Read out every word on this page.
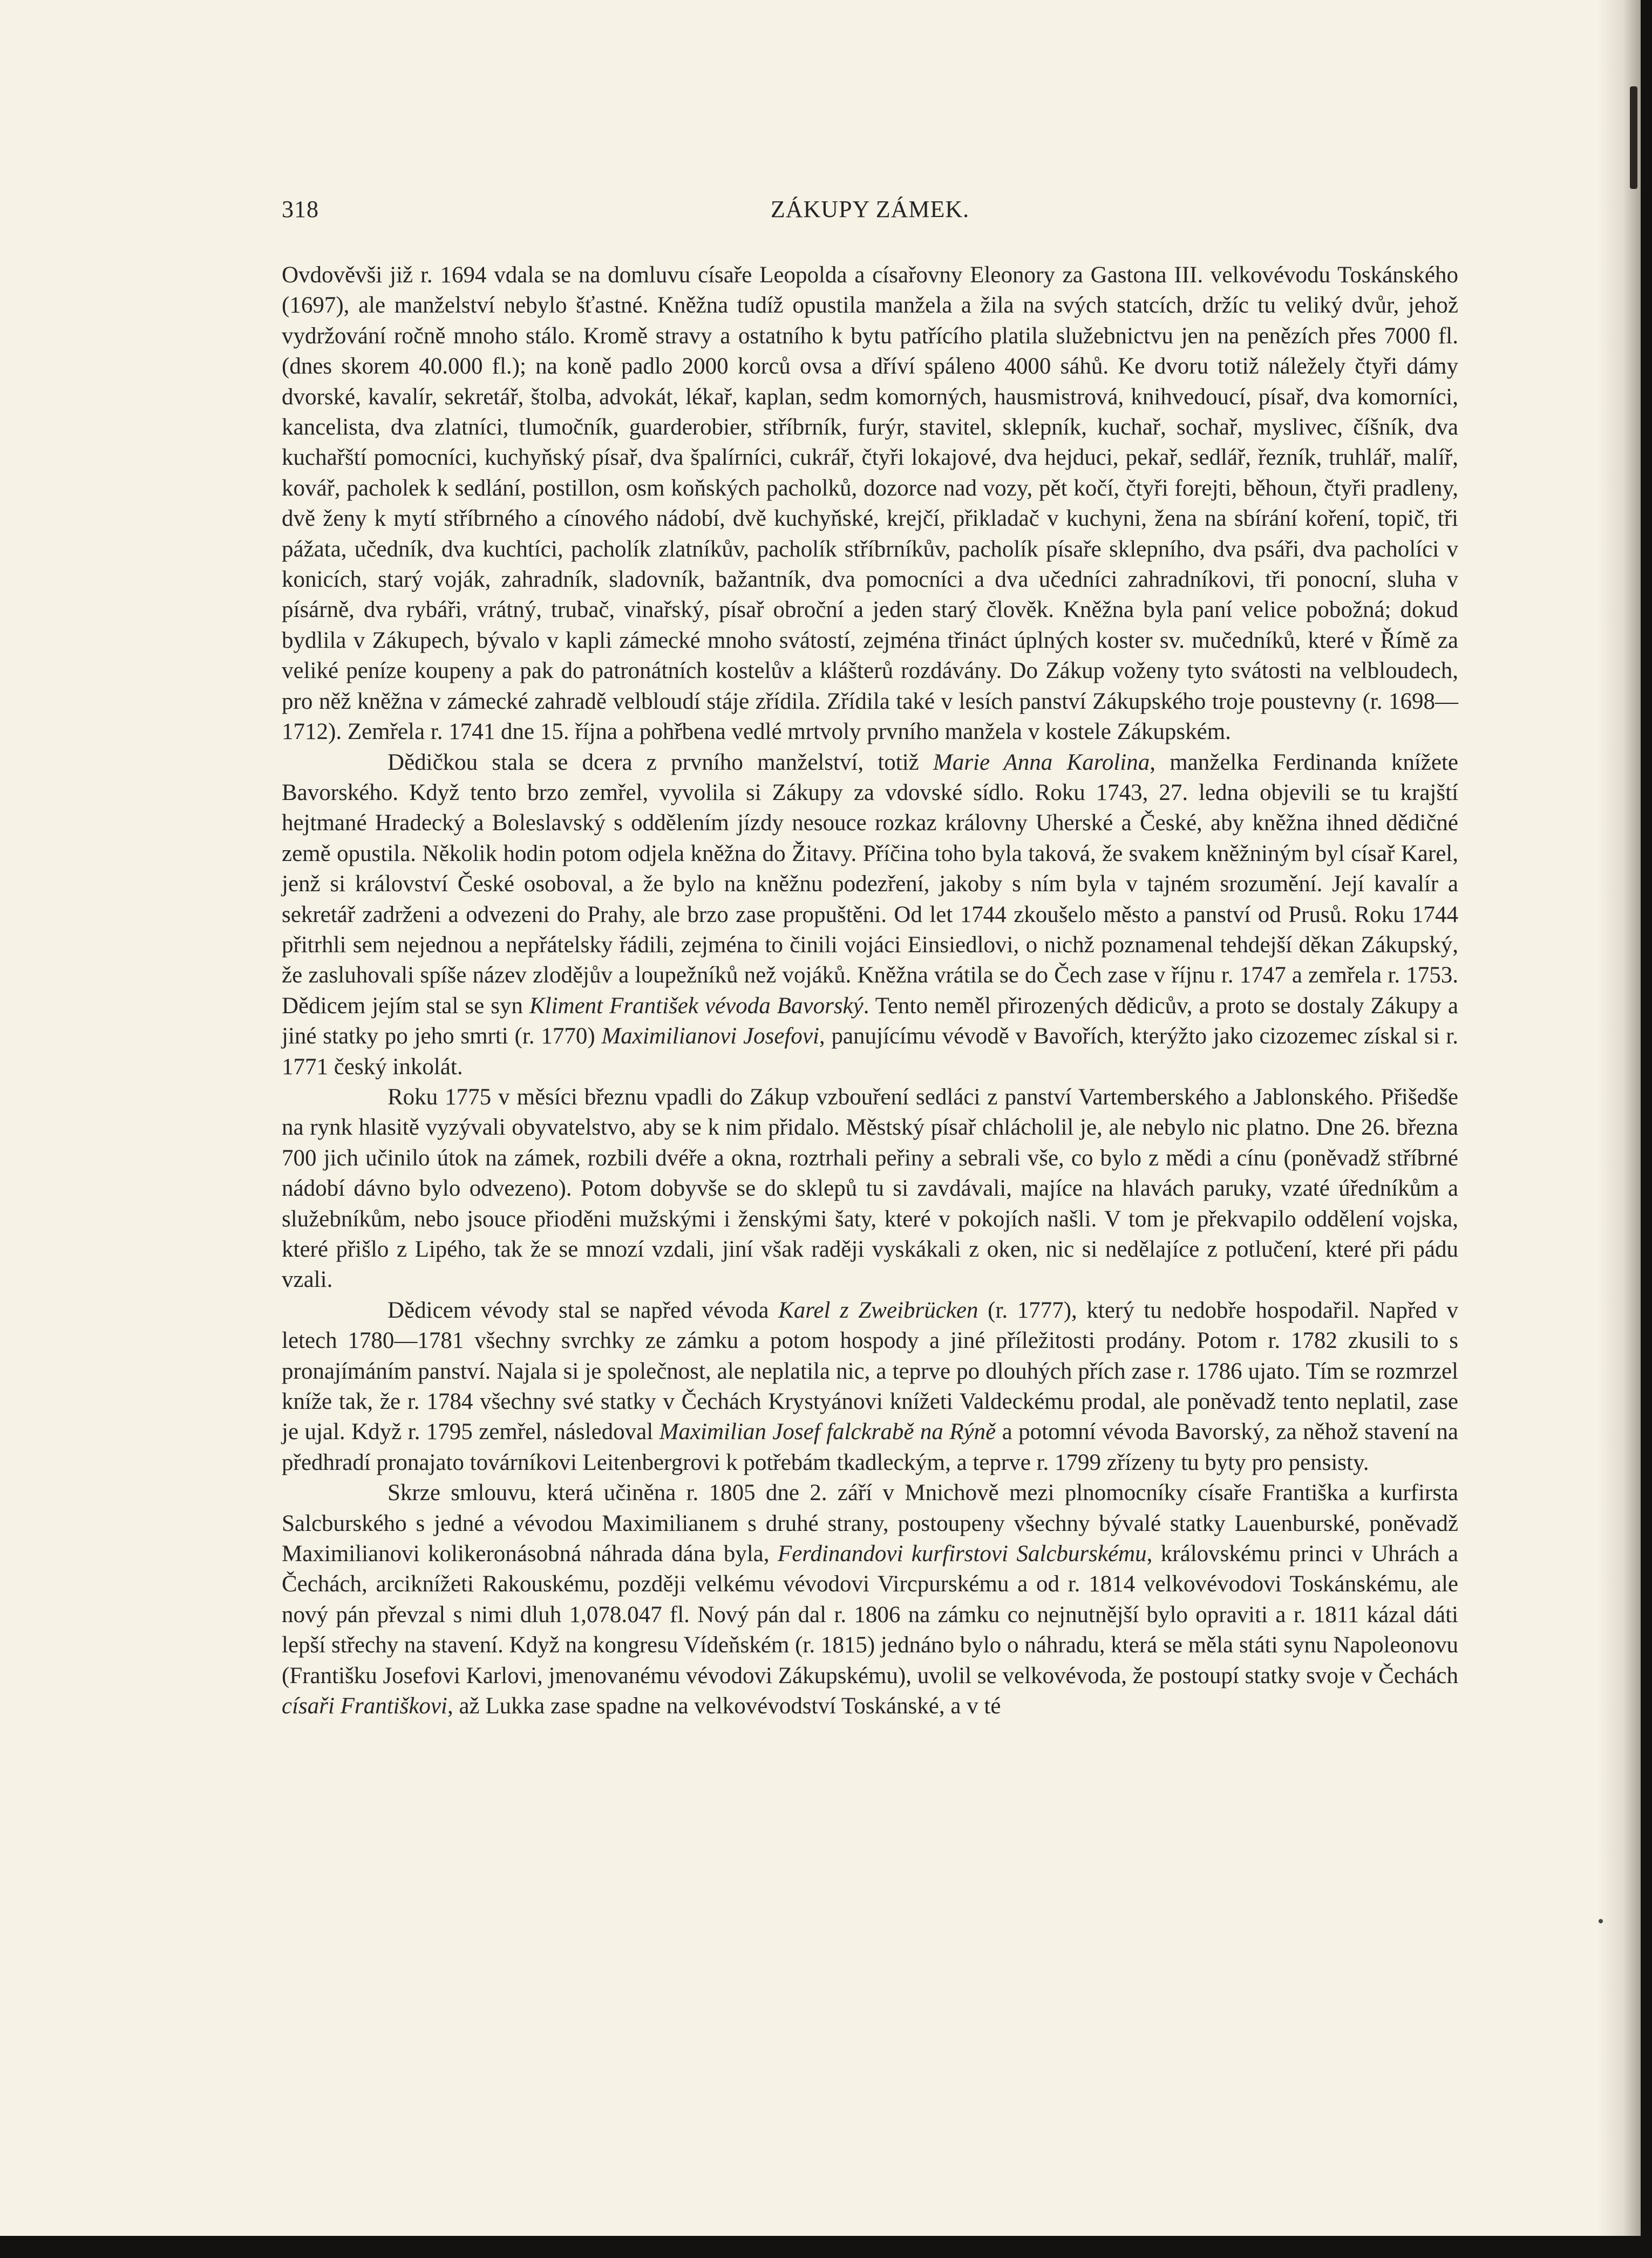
318	ZÁKUPY ZÁMEK.

Ovdověvši již r. 1694 vdala se na domluvu císaře Leopolda a císařovny Eleonory za Gastona III. velkovévodu Toskánského (1697), ale manželství nebylo šťastné. Kněžna tudíž opustila manžela a žila na svých statcích, držíc tu veliký dvůr, jehož vydržování ročně mnoho stálo. Kromě stravy a ostatního k bytu patřícího platila služebnictvu jen na penězích přes 7000 fl. (dnes skorem 40.000 fl.); na koně padlo 2000 korců ovsa a dříví spáleno 4000 sáhů. Ke dvoru totiž náležely čtyři dámy dvorské, kavalír, sekretář, štolba, advokát, lékař, kaplan, sedm komorných, hausmistrová, knihvedoucí, písař, dva komorníci, kancelista, dva zlatníci, tlumočník, guarderobier, stříbrník, furýr, stavitel, sklepník, kuchař, sochař, myslivec, číšník, dva kuchařští pomocníci, kuchyňský písař, dva špalírníci, cukrář, čtyři lokajové, dva hejduci, pekař, sedlář, řezník, truhlář, malíř, kovář, pacholek k sedlání, postillon, osm koňských pacholků, dozorce nad vozy, pět kočí, čtyři forejti, běhoun, čtyři pradleny, dvě ženy k mytí stříbrného a cínového nádobí, dvě kuchyňské, krejčí, přikladač v kuchyni, žena na sbírání koření, topič, tři pážata, učedník, dva kuchtíci, pacholík zlatníkův, pacholík stříbrníkův, pacholík písaře sklepního, dva psáři, dva pacholíci v konicích, starý voják, zahradník, sladovník, bažantník, dva pomocníci a dva učedníci zahradníkovi, tři ponocní, sluha v písárně, dva rybáři, vrátný, trubač, vinařský, písař obroční a jeden starý člověk. Kněžna byla paní velice pobožná; dokud bydlila v Zákupech, bývalo v kapli zámecké mnoho svátostí, zejména třináct úplných koster sv. mučedníků, které v Římě za veliké peníze koupeny a pak do patronátních kostelův a klášterů rozdávány. Do Zákup voženy tyto svátosti na velbloudech, pro něž kněžna v zámecké zahradě velbloudí stáje zřídila. Zřídila také v lesích panství Zákupského troje poustevny (r. 1698—1712). Zemřela r. 1741 dne 15. října a pohřbena vedlé mrtvoly prvního manžela v kostele Zákupském.

Dědičkou stala se dcera z prvního manželství, totiž Marie Anna Karolina, manželka Ferdinanda knížete Bavorského. Když tento brzo zemřel, vyvolila si Zákupy za vdovské sídlo. Roku 1743, 27. ledna objevili se tu krajští hejtmané Hradecký a Boleslavský s oddělením jízdy nesouce rozkaz královny Uherské a České, aby kněžna ihned dědičné země opustila. Několik hodin potom odjela kněžna do Žitavy. Příčina toho byla taková, že svakem kněžniným byl císař Karel, jenž si království České osoboval, a že bylo na kněžnu podezření, jakoby s ním byla v tajném srozumění. Její kavalír a sekretář zadrženi a odvezeni do Prahy, ale brzo zase propuštěni. Od let 1744 zkoušelo město a panství od Prusů. Roku 1744 přitrhli sem nejednou a nepřátelsky řádili, zejména to činili vojáci Einsiedlovi, o nichž poznamenal tehdejší děkan Zákupský, že zasluhovali spíše název zlodějův a loupežníků než vojáků. Kněžna vrátila se do Čech zase v říjnu r. 1747 a zemřela r. 1753. Dědicem jejím stal se syn Kliment František vévoda Bavorský. Tento neměl přirozených dědicův, a proto se dostaly Zákupy a jiné statky po jeho smrti (r. 1770) Maximilianovi Josefovi, panujícímu vévodě v Bavořích, kterýžto jako cizozemec získal si r. 1771 český inkolát.

Roku 1775 v měsíci březnu vpadli do Zákup vzbouření sedláci z panství Vartemberského a Jablonského. Přišedše na rynk hlasitě vyzývali obyvatelstvo, aby se k nim přidalo. Městský písař chlácholil je, ale nebylo nic platno. Dne 26. března 700 jich učinilo útok na zámek, rozbili dvéře a okna, roztrhali peřiny a sebrali vše, co bylo z mědi a cínu (poněvadž stříbrné nádobí dávno bylo odvezeno). Potom dobyvše se do sklepů tu si zavdávali, majíce na hlavách paruky, vzaté úředníkům a služebníkům, nebo jsouce přioděni mužskými i ženskými šaty, které v pokojích našli. V tom je překvapilo oddělení vojska, které přišlo z Lipého, tak že se mnozí vzdali, jiní však raději vyskákali z oken, nic si nedělajíce z potlučení, které při pádu vzali.

Dědicem vévody stal se napřed vévoda Karel z Zweibrücken (r. 1777), který tu nedobře hospodařil. Napřed v letech 1780—1781 všechny svrchky ze zámku a potom hospody a jiné příležitosti prodány. Potom r. 1782 zkusili to s pronajímáním panství. Najala si je společnost, ale neplatila nic, a teprve po dlouhých přích zase r. 1786 ujato. Tím se rozmrzel kníže tak, že r. 1784 všechny své statky v Čechách Krystyánovi knížeti Valdeckému prodal, ale poněvadž tento neplatil, zase je ujal. Když r. 1795 zemřel, následoval Maximilian Josef falckrabě na Rýně a potomní vévoda Bavorský, za něhož stavení na předhradí pronajato továrníkovi Leitenbergrovi k potřebám tkadleckým, a teprve r. 1799 zřízeny tu byty pro pensisty.

Skrze smlouvu, která učiněna r. 1805 dne 2. září v Mnichově mezi plnomocníky císaře Františka a kurfirsta Salcburského s jedné a vévodou Maximilianem s druhé strany, postoupeny všechny bývalé statky Lauenburské, poněvadž Maximilianovi kolikeronásobná náhrada dána byla, Ferdinandovi kurfirstovi Salcburskému, královskému princi v Uhrách a Čechách, arciknížeti Rakouskému, později velkému vévodovi Vircpurskému a od r. 1814 velkovévodovi Toskánskému, ale nový pán převzal s nimi dluh 1,078.047 fl. Nový pán dal r. 1806 na zámku co nejnutnější bylo opraviti a r. 1811 kázal dáti lepší střechy na stavení. Když na kongresu Vídeňském (r. 1815) jednáno bylo o náhradu, která se měla státi synu Napoleonovu (Františku Josefovi Karlovi, jmenovanému vévodovi Zákupskému), uvolil se velkovévoda, že postoupí statky svoje v Čechách císaři Františkovi, až Lukka zase spadne na velkovévodství Toskánské, a v té
